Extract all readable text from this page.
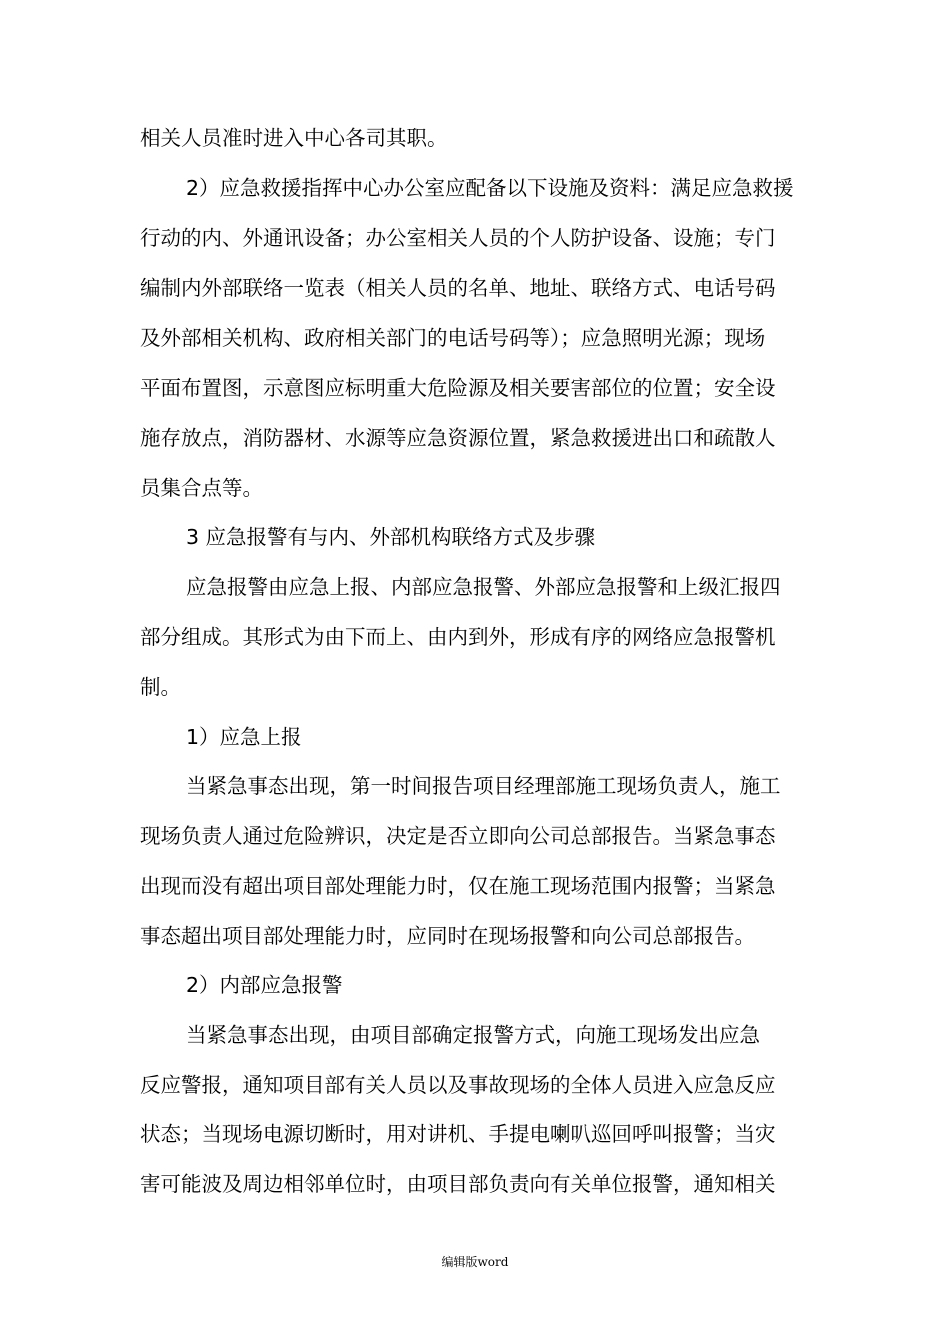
相关人员准时进入中心各司其职。
2）应急救援指挥中心办公室应配备以下设施及资料：满足应急救援
行动的内、外通讯设备；办公室相关人员的个人防护设备、设施；专门
编制内外部联络一览表（相关人员的名单、地址、联络方式、电话号码
及外部相关机构、政府相关部门的电话号码等）；应急照明光源；现场
平面布置图，示意图应标明重大危险源及相关要害部位的位置；安全设
施存放点，消防器材、水源等应急资源位置，紧急救援进出口和疏散人
员集合点等。
3 应急报警有与内、外部机构联络方式及步骤
应急报警由应急上报、内部应急报警、外部应急报警和上级汇报四
部分组成。其形式为由下而上、由内到外，形成有序的网络应急报警机
制。
1）应急上报
当紧急事态出现，第一时间报告项目经理部施工现场负责人，施工
现场负责人通过危险辨识，决定是否立即向公司总部报告。当紧急事态
出现而没有超出项目部处理能力时，仅在施工现场范围内报警；当紧急
事态超出项目部处理能力时，应同时在现场报警和向公司总部报告。
2）内部应急报警
当紧急事态出现，由项目部确定报警方式，向施工现场发出应急
反应警报，通知项目部有关人员以及事故现场的全体人员进入应急反应
状态；当现场电源切断时，用对讲机、手提电喇叭巡回呼叫报警；当灾
害可能波及周边相邻单位时，由项目部负责向有关单位报警，通知相关
编辑版word
